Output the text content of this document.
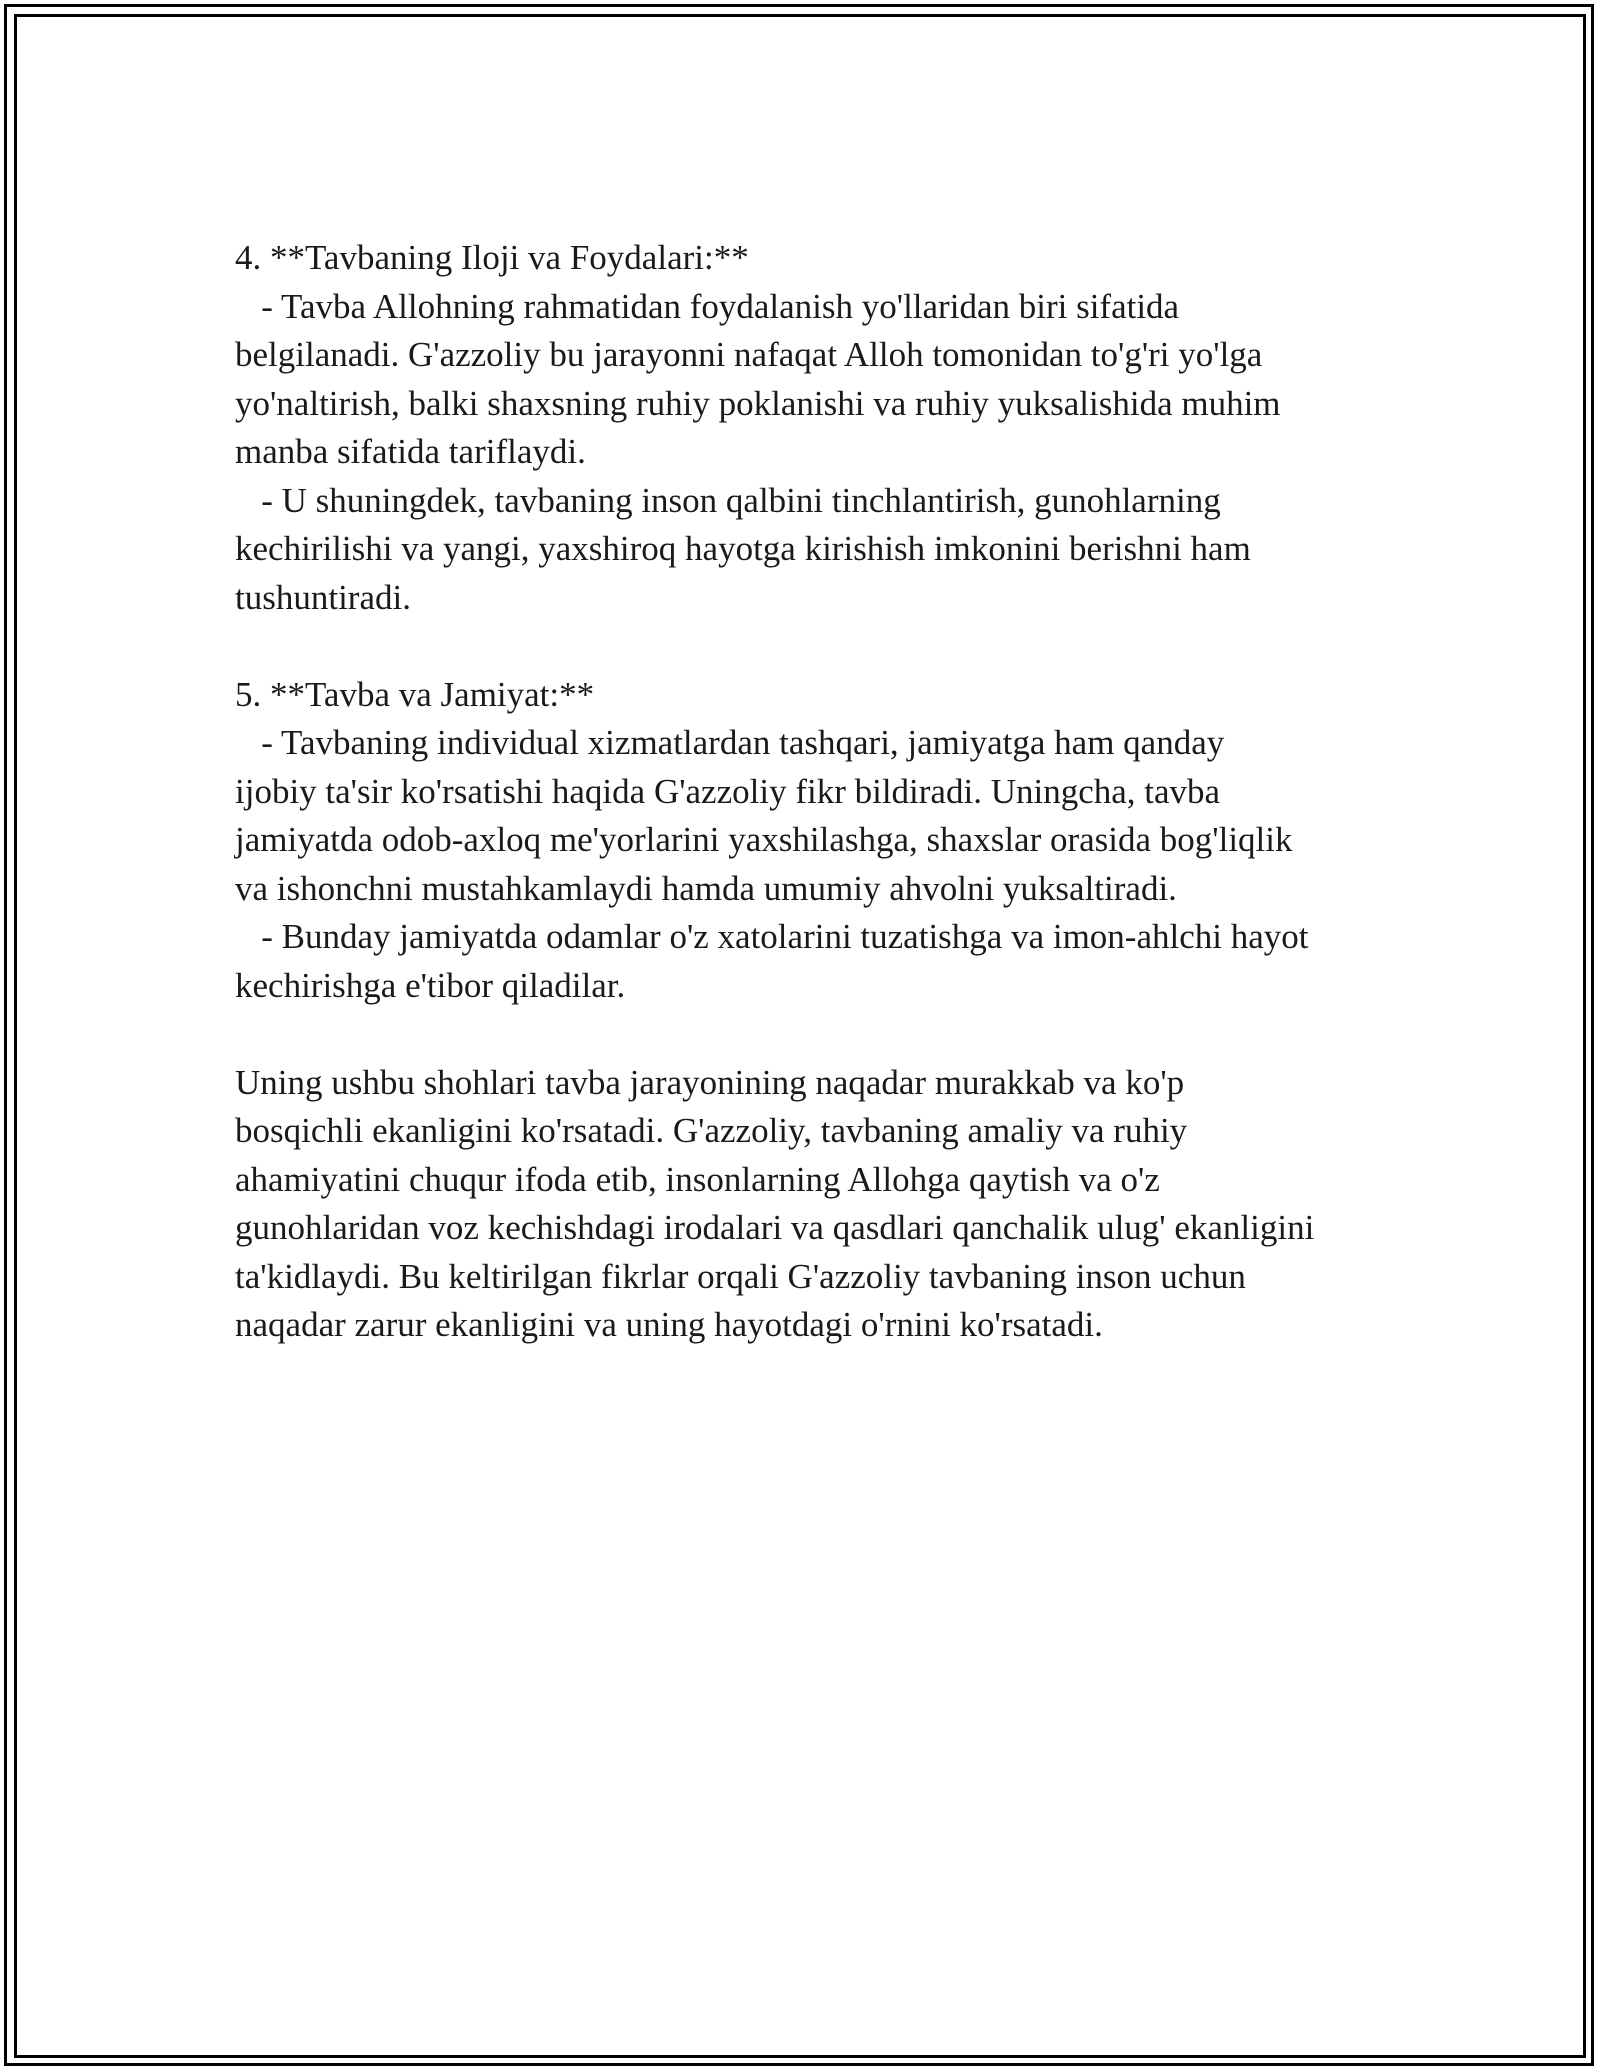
4. **Tavbaning Iloji va Foydalari:**
- Tavba Allohning rahmatidan foydalanish yo'llaridan biri sifatida
belgilanadi. G'azzoliy bu jarayonni nafaqat Alloh tomonidan to'g'ri yo'lga
yo'naltirish, balki shaxsning ruhiy poklanishi va ruhiy yuksalishida muhim
manba sifatida tariflaydi.
- U shuningdek, tavbaning inson qalbini tinchlantirish, gunohlarning
kechirilishi va yangi, yaxshiroq hayotga kirishish imkonini berishni ham
tushuntiradi.
5. **Tavba va Jamiyat:**
- Tavbaning individual xizmatlardan tashqari, jamiyatga ham qanday
ijobiy ta'sir ko'rsatishi haqida G'azzoliy fikr bildiradi. Uningcha, tavba
jamiyatda odob-axloq me'yorlarini yaxshilashga, shaxslar orasida bog'liqlik
va ishonchni mustahkamlaydi hamda umumiy ahvolni yuksaltiradi.
- Bunday jamiyatda odamlar o'z xatolarini tuzatishga va imon-ahlchi hayot
kechirishga e'tibor qiladilar.
Uning ushbu shohlari tavba jarayonining naqadar murakkab va ko'p
bosqichli ekanligini ko'rsatadi. G'azzoliy, tavbaning amaliy va ruhiy
ahamiyatini chuqur ifoda etib, insonlarning Allohga qaytish va o'z
gunohlaridan voz kechishdagi irodalari va qasdlari qanchalik ulug' ekanligini
ta'kidlaydi. Bu keltirilgan fikrlar orqali G'azzoliy tavbaning inson uchun
naqadar zarur ekanligini va uning hayotdagi o'rnini ko'rsatadi.
